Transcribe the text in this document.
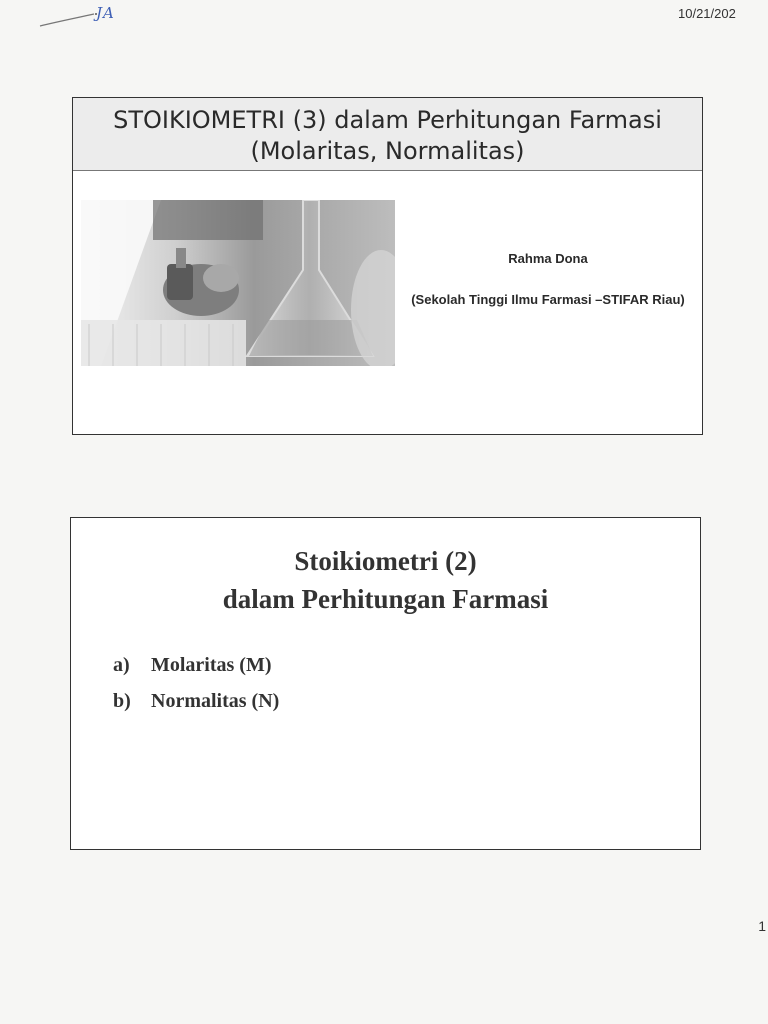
JA	10/21/202

STOIKIOMETRI (3) dalam Perhitungan Farmasi

(Molaritas, Normalitas)

Rahma Dona
(Sekolah Tinggi Ilmu Farmasi –STIFAR Riau)
Stoikiometri (2)
dalam Perhitungan Farmasi
a)	Molaritas (M)
b)	Normalitas (N)
1
